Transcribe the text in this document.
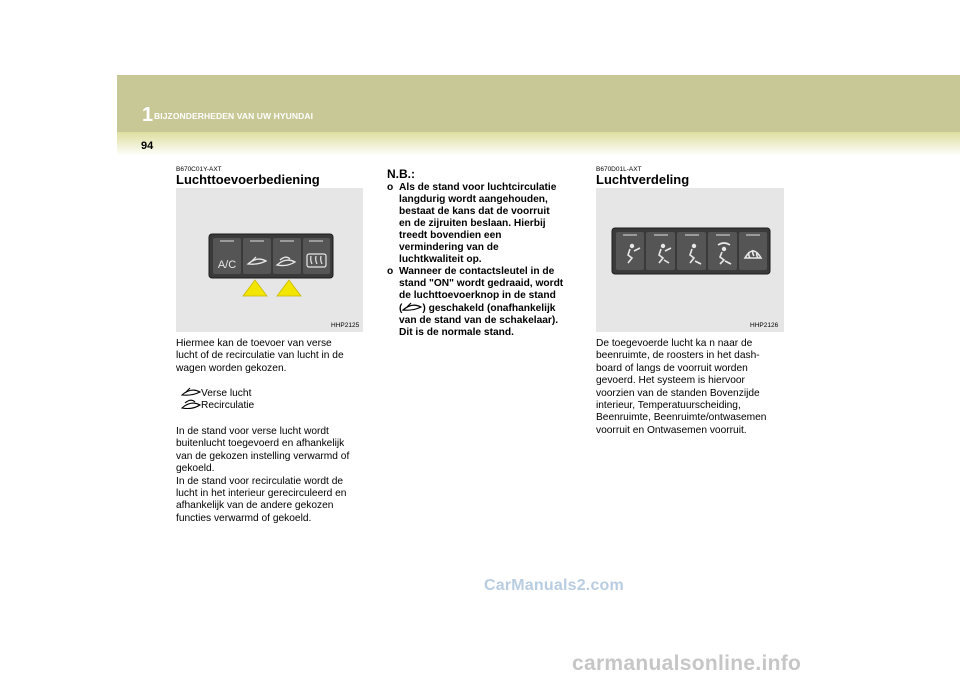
1 BIJZONDERHEDEN VAN UW HYUNDAI
94
B670C01Y-AXT
Luchttoevoerbediening
A/C
HHP2125
Hiermee kan de toevoer van verse
lucht of de recirculatie van lucht in de
wagen worden gekozen.
Verse lucht
Recirculatie
In de stand voor verse lucht wordt
buitenlucht toegevoerd en afhankelijk
van de gekozen instelling verwarmd of
gekoeld.
In de stand voor recirculatie wordt de
lucht in het interieur gerecirculeerd en
afhankelijk van de andere gekozen
functies verwarmd of gekoeld.
N.B.:
o Als de stand voor luchtcirculatie
langdurig wordt aangehouden,
bestaat de kans dat de voorruit
en de zijruiten beslaan. Hierbij
treedt bovendien een
vermindering van de
luchtkwaliteit op.
o Wanneer de contactsleutel in de
stand "ON" wordt gedraaid, wordt
de luchttoevoerknop in de stand
( ) geschakeld (onafhankelijk
van de stand van de schakelaar).
Dit is de normale stand.
B670D01L-AXT
Luchtverdeling
HHP2126
De toegevoerde lucht ka n naar de
beenruimte, de roosters in het dash-
board of langs de voorruit worden
gevoerd. Het systeem is hiervoor
voorzien van de standen Bovenzijde
interieur, Temperatuurscheiding,
Beenruimte, Beenruimte/ontwasemen
voorruit en Ontwasemen voorruit.
CarManuals2.com
carmanualsonline.info
